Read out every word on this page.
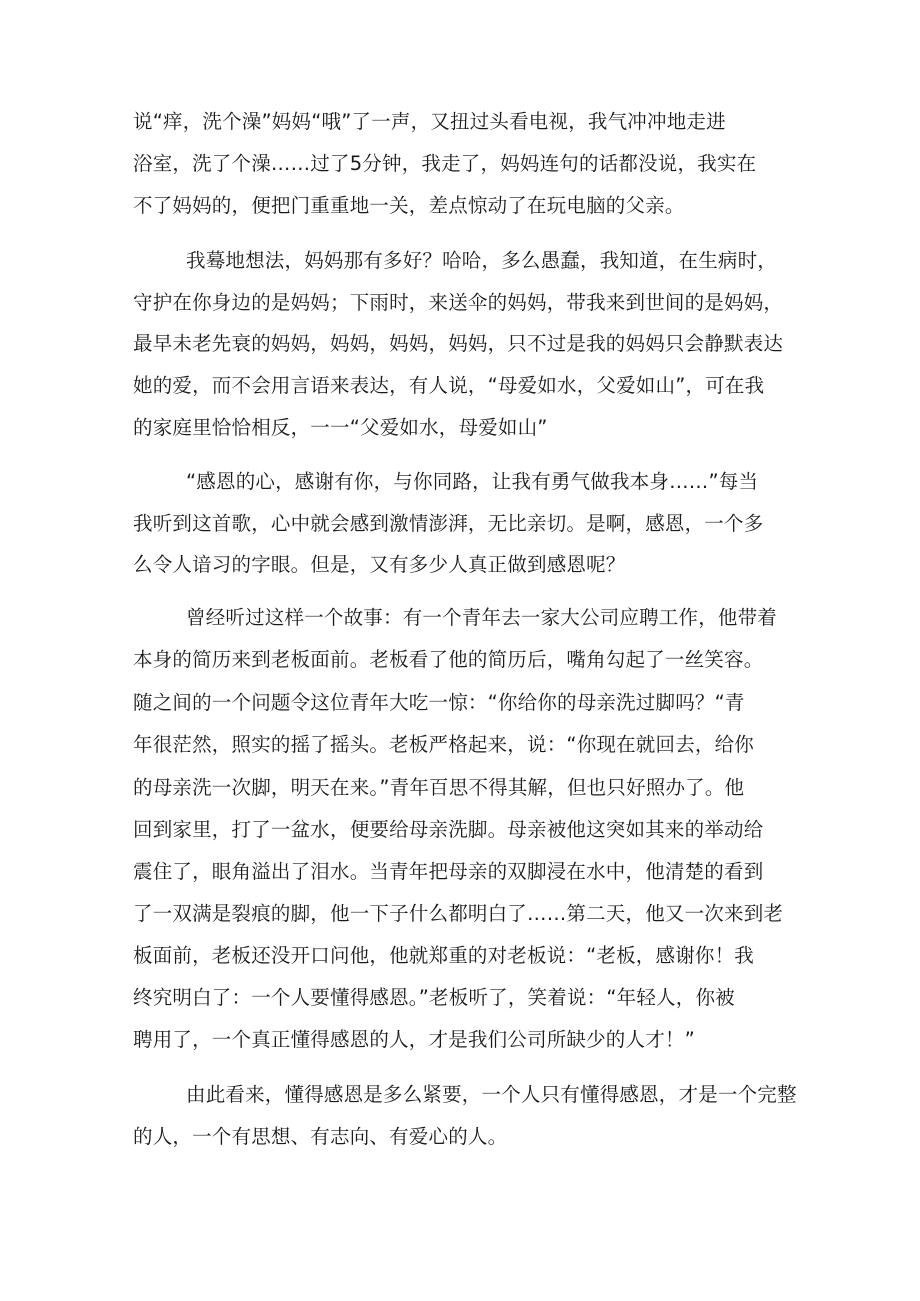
说“痒，洗个澡”妈妈“哦”了一声，又扭过头看电视，我气冲冲地走进
浴室，洗了个澡……过了5分钟，我走了，妈妈连句的话都没说，我实在
不了妈妈的，便把门重重地一关，差点惊动了在玩电脑的父亲。
我蓦地想法，妈妈那有多好？哈哈，多么愚蠢，我知道，在生病时，
守护在你身边的是妈妈；下雨时，来送伞的妈妈，带我来到世间的是妈妈，
最早未老先衰的妈妈，妈妈，妈妈，妈妈，只不过是我的妈妈只会静默表达
她的爱，而不会用言语来表达，有人说，“母爱如水，父爱如山”，可在我
的家庭里恰恰相反，一一“父爱如水，母爱如山”
“感恩的心，感谢有你，与你同路，让我有勇气做我本身……”每当
我听到这首歌，心中就会感到激情澎湃，无比亲切。是啊，感恩，一个多
么令人谙习的字眼。但是，又有多少人真正做到感恩呢？
曾经听过这样一个故事：有一个青年去一家大公司应聘工作，他带着
本身的简历来到老板面前。老板看了他的简历后，嘴角勾起了一丝笑容。
随之间的一个问题令这位青年大吃一惊：“你给你的母亲洗过脚吗？“青
年很茫然，照实的摇了摇头。老板严格起来，说：“你现在就回去，给你
的母亲洗一次脚，明天在来。”青年百思不得其解，但也只好照办了。他
回到家里，打了一盆水，便要给母亲洗脚。母亲被他这突如其来的举动给
震住了，眼角溢出了泪水。当青年把母亲的双脚浸在水中，他清楚的看到
了一双满是裂痕的脚，他一下子什么都明白了……第二天，他又一次来到老
板面前，老板还没开口问他，他就郑重的对老板说：“老板，感谢你！我
终究明白了：一个人要懂得感恩。”老板听了，笑着说：“年轻人，你被
聘用了，一个真正懂得感恩的人，才是我们公司所缺少的人才！”
由此看来，懂得感恩是多么紧要，一个人只有懂得感恩，才是一个完整
的人，一个有思想、有志向、有爱心的人。
